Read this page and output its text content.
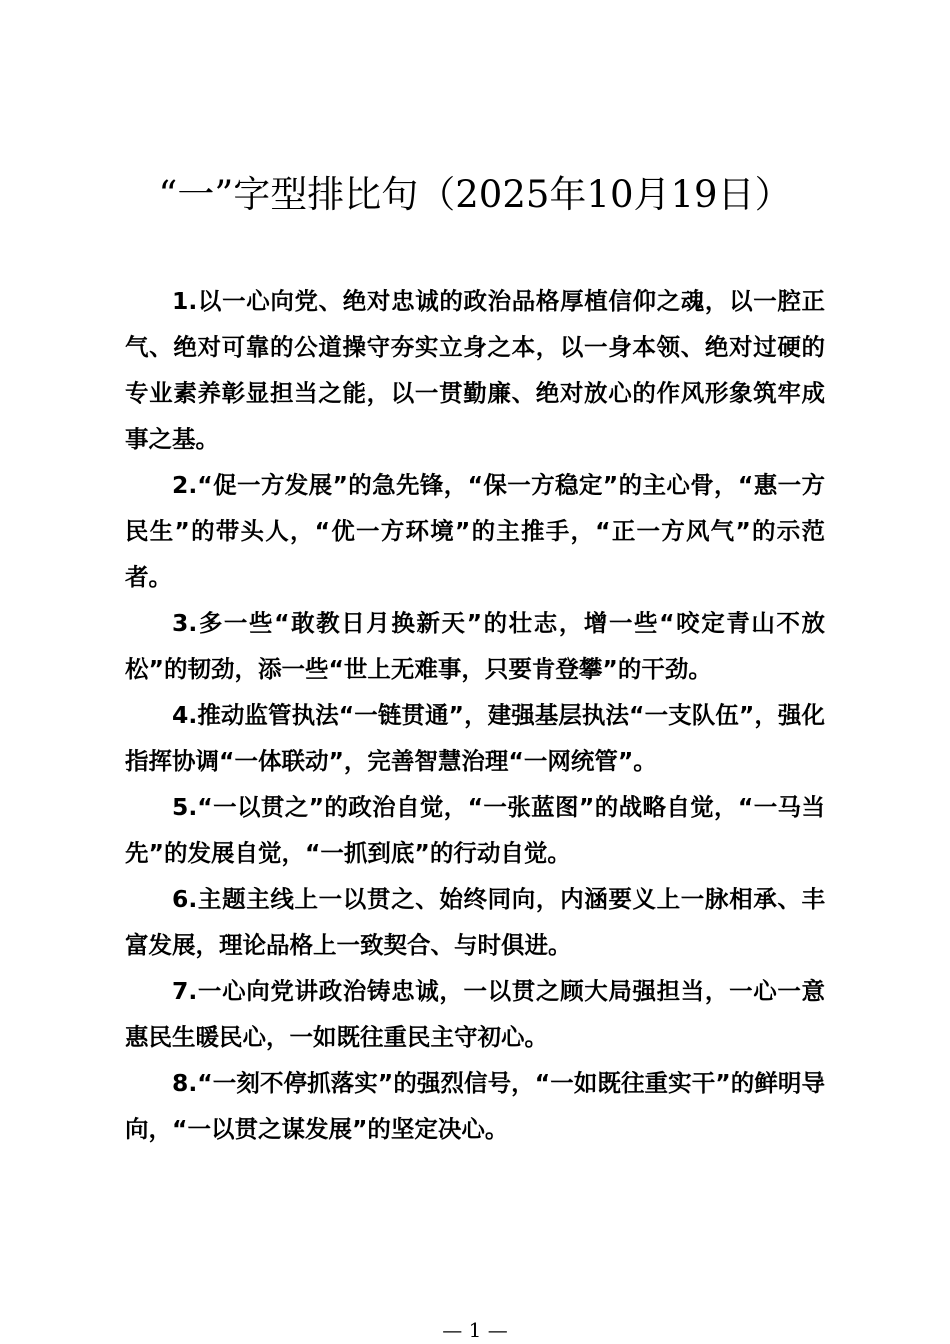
“一”字型排比句（2025年10月19日）

1.以一心向党、绝对忠诚的政治品格厚植信仰之魂，以一腔正气、绝对可靠的公道操守夯实立身之本，以一身本领、绝对过硬的专业素养彰显担当之能，以一贯勤廉、绝对放心的作风形象筑牢成事之基。

2.“促一方发展”的急先锋，“保一方稳定”的主心骨，“惠一方民生”的带头人，“优一方环境”的主推手，“正一方风气”的示范者。

3.多一些“敢教日月换新天”的壮志，增一些“咬定青山不放松”的韧劲，添一些“世上无难事，只要肯登攀”的干劲。

4.推动监管执法“一链贯通”，建强基层执法“一支队伍”，强化指挥协调“一体联动”，完善智慧治理“一网统管”。

5.“一以贯之”的政治自觉，“一张蓝图”的战略自觉，“一马当先”的发展自觉，“一抓到底”的行动自觉。

6.主题主线上一以贯之、始终同向，内涵要义上一脉相承、丰富发展，理论品格上一致契合、与时俱进。

7.一心向党讲政治铸忠诚，一以贯之顾大局强担当，一心一意惠民生暖民心，一如既往重民主守初心。

8.“一刻不停抓落实”的强烈信号，“一如既往重实干”的鲜明导向，“一以贯之谋发展”的坚定决心。

— 1 —
